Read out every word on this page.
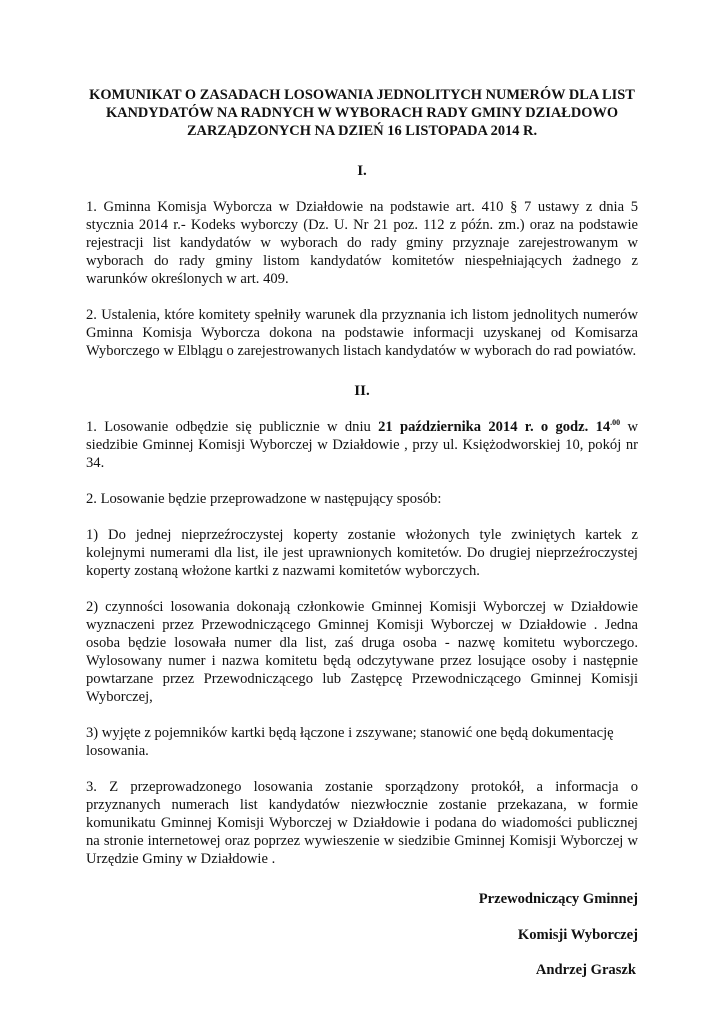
KOMUNIKAT O ZASADACH LOSOWANIA JEDNOLITYCH NUMERÓW DLA LIST KANDYDATÓW NA RADNYCH W WYBORACH RADY GMINY DZIAŁDOWO ZARZĄDZONYCH NA DZIEŃ 16 LISTOPADA 2014 R.
I.

1. Gminna Komisja Wyborcza w Działdowie na podstawie art. 410 § 7 ustawy z dnia 5 stycznia 2014 r.- Kodeks wyborczy (Dz. U. Nr 21 poz. 112 z późn. zm.) oraz na podstawie rejestracji list kandydatów w wyborach do rady gminy przyznaje zarejestrowanym w wyborach do rady gminy listom kandydatów komitetów niespełniających żadnego z warunków określonych w art. 409.

2. Ustalenia, które komitety spełniły warunek dla przyznania ich listom jednolitych numerów Gminna Komisja Wyborcza dokona na podstawie informacji uzyskanej od Komisarza Wyborczego w Elblągu o zarejestrowanych listach kandydatów w wyborach do rad powiatów.

II.

1. Losowanie odbędzie się publicznie w dniu 21 października 2014 r. o godz. $14^{.00}$ w siedzibie Gminnej Komisji Wyborczej w Działdowie , przy ul. Księżodworskiej 10, pokój nr 34.

2. Losowanie będzie przeprowadzone w następujący sposób:

1) Do jednej nieprzeźroczystej koperty zostanie włożonych tyle zwiniętych kartek z kolejnymi numerami dla list, ile jest uprawnionych komitetów. Do drugiej nieprzeźroczystej koperty zostaną włożone kartki z nazwami komitetów wyborczych.

2) czynności losowania dokonają członkowie Gminnej Komisji Wyborczej w Działdowie wyznaczeni przez Przewodniczącego Gminnej Komisji Wyborczej w Działdowie . Jedna osoba będzie losowała numer dla list, zaś druga osoba - nazwę komitetu wyborczego. Wylosowany numer i nazwa komitetu będą odczytywane przez losujące osoby i następnie powtarzane przez Przewodniczącego lub Zastępcę Przewodniczącego Gminnej Komisji Wyborczej,

3) wyjęte z pojemników kartki będą łączone i zszywane; stanowić one będą dokumentację
losowania.

3. Z przeprowadzonego losowania zostanie sporządzony protokół, a informacja o przyznanych numerach list kandydatów niezwłocznie zostanie przekazana, w formie komunikatu Gminnej Komisji Wyborczej w Działdowie i podana do wiadomości publicznej na stronie internetowej oraz poprzez wywieszenie w siedzibie Gminnej Komisji Wyborczej w Urzędzie Gminy w Działdowie .

Przewodniczący Gminnej
Komisji Wyborczej
Andrzej Graszk
